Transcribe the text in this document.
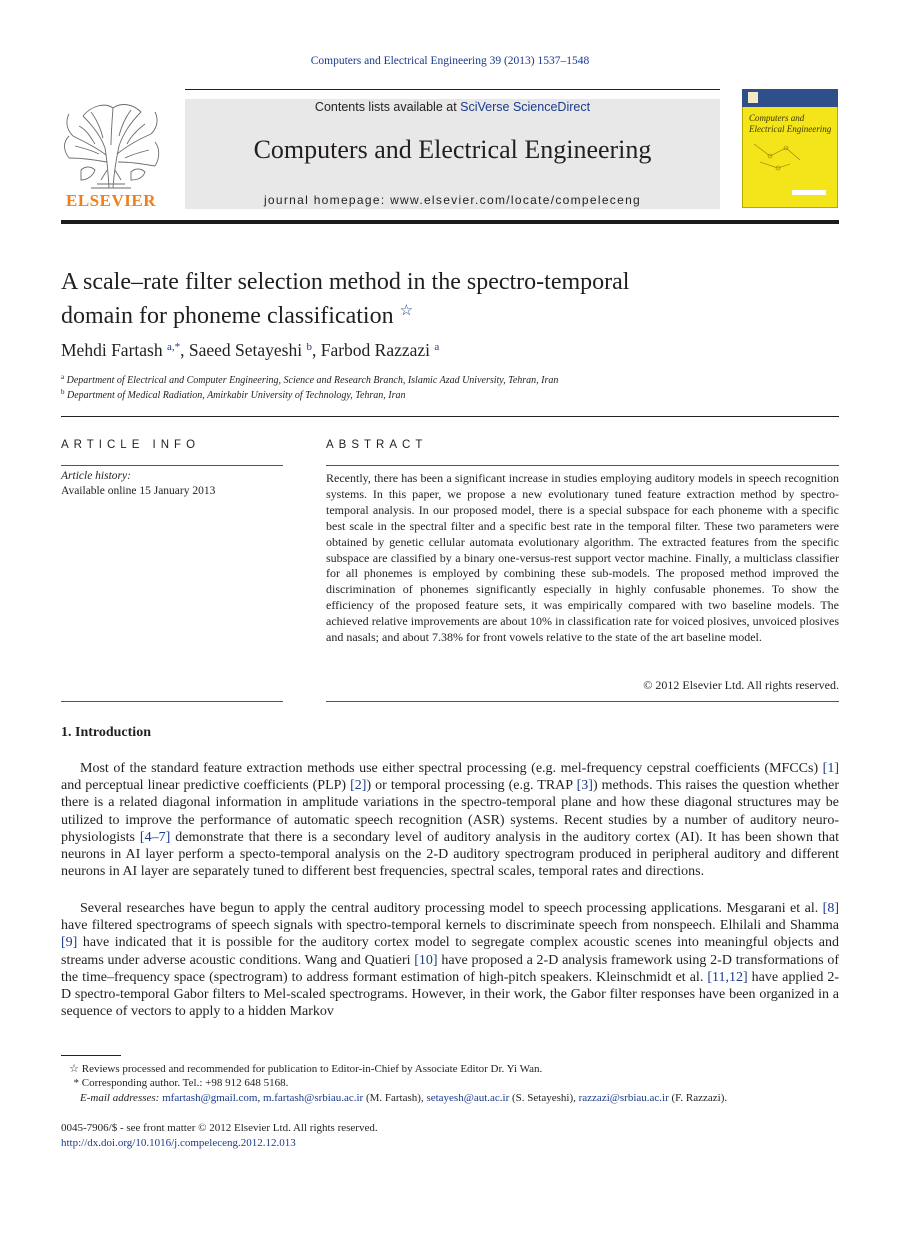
Computers and Electrical Engineering 39 (2013) 1537–1548
ELSEVIER
Contents lists available at SciVerse ScienceDirect
Computers and Electrical Engineering
journal homepage: www.elsevier.com/locate/compeleceng
Computers and Electrical Engineering
A scale–rate filter selection method in the spectro-temporal
domain for phoneme classification ☆
Mehdi Fartash $^{a,*}$, Saeed Setayeshi $^b$, Farbod Razzazi $^a$
$^a$ Department of Electrical and Computer Engineering, Science and Research Branch, Islamic Azad University, Tehran, Iran
$^b$ Department of Medical Radiation, Amirkabir University of Technology, Tehran, Iran
ARTICLE INFO
Article history:
Available online 15 January 2013
ABSTRACT
Recently, there has been a significant increase in studies employing auditory models in speech recognition systems. In this paper, we propose a new evolutionary tuned feature extraction method by spectro-temporal analysis. In our proposed model, there is a special subspace for each phoneme with a specific best scale in the spectral filter and a specific best rate in the temporal filter. These two parameters were obtained by genetic cellular automata evolutionary algorithm. The extracted features from the specific subspace are classified by a binary one-versus-rest support vector machine. Finally, a multiclass classifier for all phonemes is employed by combining these sub-models. The proposed method improved the discrimination of phonemes significantly especially in highly confusable phonemes. To show the efficiency of the proposed feature sets, it was empirically compared with two baseline models. The achieved relative improvements are about 10% in classification rate for voiced plosives, unvoiced plosives and nasals; and about 7.38% for front vowels relative to the state of the art baseline model.
© 2012 Elsevier Ltd. All rights reserved.
1. Introduction
Most of the standard feature extraction methods use either spectral processing (e.g. mel-frequency cepstral coefficients (MFCCs) [1] and perceptual linear predictive coefficients (PLP) [2]) or temporal processing (e.g. TRAP [3]) methods. This raises the question whether there is a related diagonal information in amplitude variations in the spectro-temporal plane and how these diagonal structures may be utilized to improve the performance of automatic speech recognition (ASR) systems. Recent studies by a number of auditory neuro-physiologists [4–7] demonstrate that there is a secondary level of auditory analysis in the auditory cortex (AI). It has been shown that neurons in AI layer perform a specto-temporal analysis on the 2-D auditory spectrogram produced in peripheral auditory and different neurons in AI layer are separately tuned to different best frequencies, spectral scales, temporal rates and directions.
Several researches have begun to apply the central auditory processing model to speech processing applications. Mesgarani et al. [8] have filtered spectrograms of speech signals with spectro-temporal kernels to discriminate speech from nonspeech. Elhilali and Shamma [9] have indicated that it is possible for the auditory cortex model to segregate complex acoustic scenes into meaningful objects and streams under adverse acoustic conditions. Wang and Quatieri [10] have proposed a 2-D analysis framework using 2-D transformations of the time–frequency space (spectrogram) to address formant estimation of high-pitch speakers. Kleinschmidt et al. [11,12] have applied 2-D spectro-temporal Gabor filters to Mel-scaled spectrograms. However, in their work, the Gabor filter responses have been organized in a sequence of vectors to apply to a hidden Markov
☆ Reviews processed and recommended for publication to Editor-in-Chief by Associate Editor Dr. Yi Wan.
* Corresponding author. Tel.: +98 912 648 5168.
E-mail addresses: mfartash@gmail.com, m.fartash@srbiau.ac.ir (M. Fartash), setayesh@aut.ac.ir (S. Setayeshi), razzazi@srbiau.ac.ir (F. Razzazi).
0045-7906/$ - see front matter © 2012 Elsevier Ltd. All rights reserved.
http://dx.doi.org/10.1016/j.compeleceng.2012.12.013
